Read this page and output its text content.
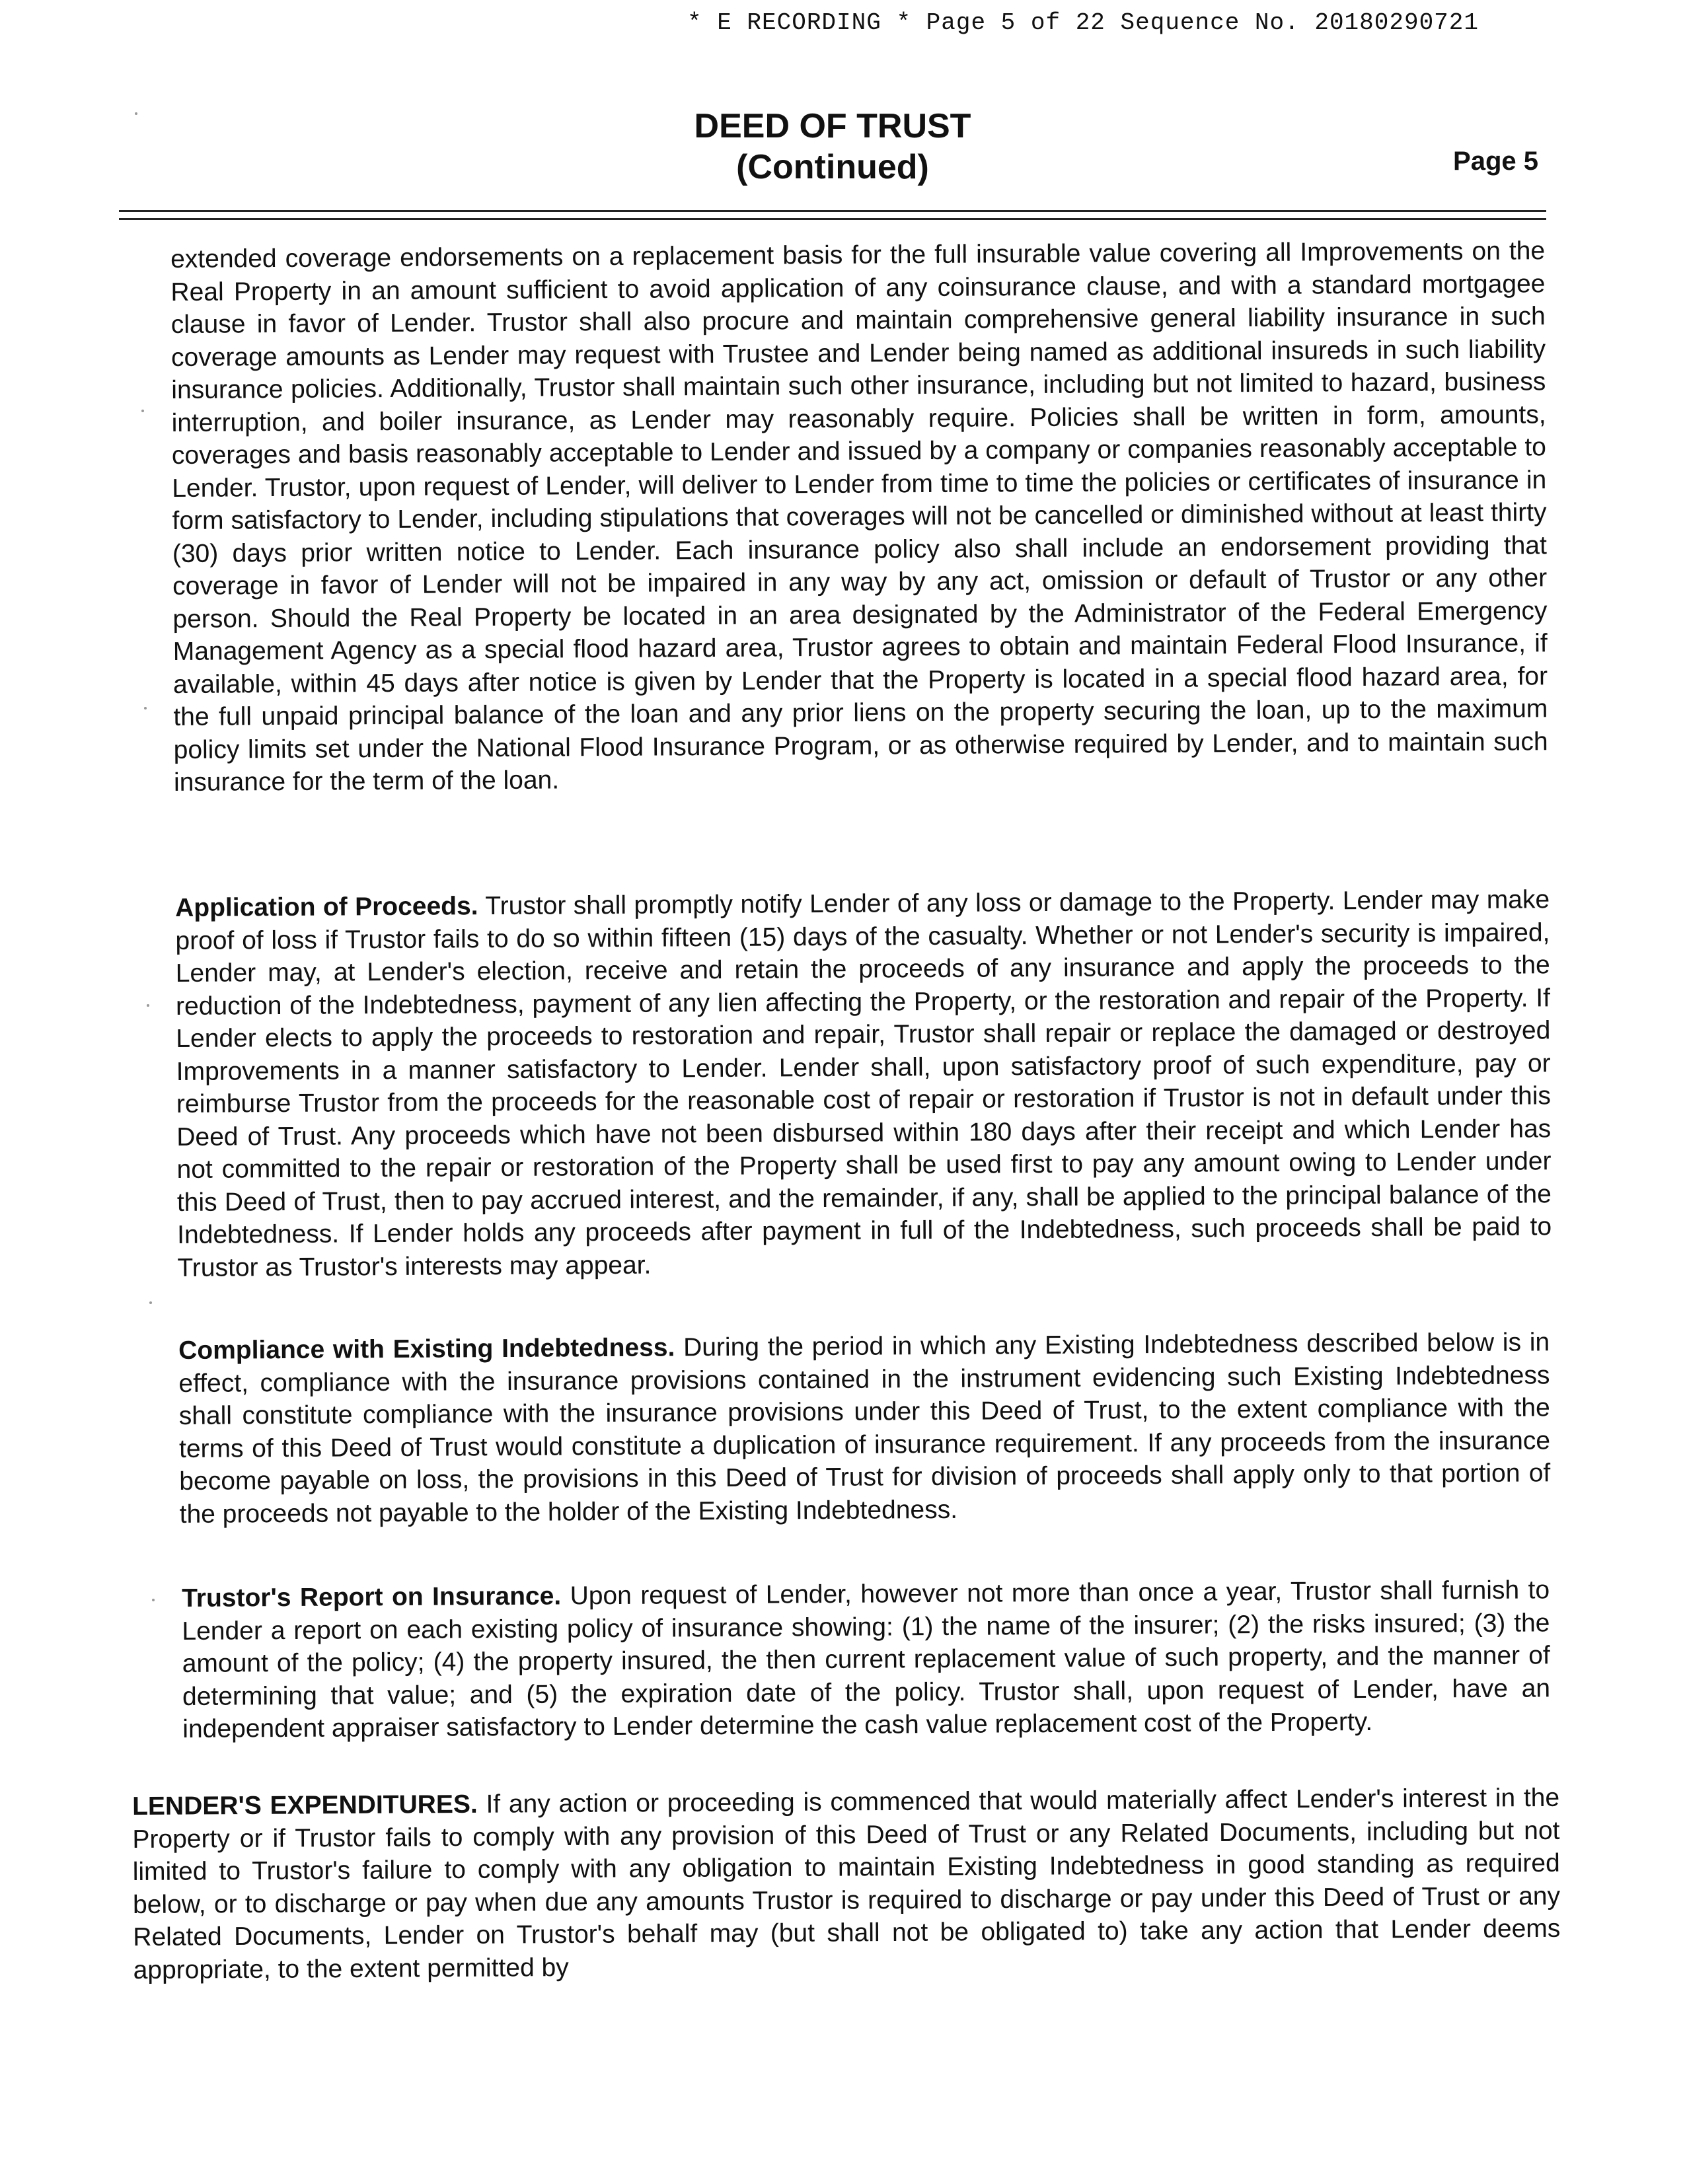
* E RECORDING * Page 5 of 22 Sequence No. 20180290721
DEED OF TRUST
(Continued)	Page 5
extended coverage endorsements on a replacement basis for the full insurable value covering all Improvements on the Real Property in an amount sufficient to avoid application of any coinsurance clause, and with a standard mortgagee clause in favor of Lender. Trustor shall also procure and maintain comprehensive general liability insurance in such coverage amounts as Lender may request with Trustee and Lender being named as additional insureds in such liability insurance policies. Additionally, Trustor shall maintain such other insurance, including but not limited to hazard, business interruption, and boiler insurance, as Lender may reasonably require. Policies shall be written in form, amounts, coverages and basis reasonably acceptable to Lender and issued by a company or companies reasonably acceptable to Lender. Trustor, upon request of Lender, will deliver to Lender from time to time the policies or certificates of insurance in form satisfactory to Lender, including stipulations that coverages will not be cancelled or diminished without at least thirty (30) days prior written notice to Lender. Each insurance policy also shall include an endorsement providing that coverage in favor of Lender will not be impaired in any way by any act, omission or default of Trustor or any other person. Should the Real Property be located in an area designated by the Administrator of the Federal Emergency Management Agency as a special flood hazard area, Trustor agrees to obtain and maintain Federal Flood Insurance, if available, within 45 days after notice is given by Lender that the Property is located in a special flood hazard area, for the full unpaid principal balance of the loan and any prior liens on the property securing the loan, up to the maximum policy limits set under the National Flood Insurance Program, or as otherwise required by Lender, and to maintain such insurance for the term of the loan.
Application of Proceeds. Trustor shall promptly notify Lender of any loss or damage to the Property. Lender may make proof of loss if Trustor fails to do so within fifteen (15) days of the casualty. Whether or not Lender's security is impaired, Lender may, at Lender's election, receive and retain the proceeds of any insurance and apply the proceeds to the reduction of the Indebtedness, payment of any lien affecting the Property, or the restoration and repair of the Property. If Lender elects to apply the proceeds to restoration and repair, Trustor shall repair or replace the damaged or destroyed Improvements in a manner satisfactory to Lender. Lender shall, upon satisfactory proof of such expenditure, pay or reimburse Trustor from the proceeds for the reasonable cost of repair or restoration if Trustor is not in default under this Deed of Trust. Any proceeds which have not been disbursed within 180 days after their receipt and which Lender has not committed to the repair or restoration of the Property shall be used first to pay any amount owing to Lender under this Deed of Trust, then to pay accrued interest, and the remainder, if any, shall be applied to the principal balance of the Indebtedness. If Lender holds any proceeds after payment in full of the Indebtedness, such proceeds shall be paid to Trustor as Trustor's interests may appear.
Compliance with Existing Indebtedness. During the period in which any Existing Indebtedness described below is in effect, compliance with the insurance provisions contained in the instrument evidencing such Existing Indebtedness shall constitute compliance with the insurance provisions under this Deed of Trust, to the extent compliance with the terms of this Deed of Trust would constitute a duplication of insurance requirement. If any proceeds from the insurance become payable on loss, the provisions in this Deed of Trust for division of proceeds shall apply only to that portion of the proceeds not payable to the holder of the Existing Indebtedness.
Trustor's Report on Insurance. Upon request of Lender, however not more than once a year, Trustor shall furnish to Lender a report on each existing policy of insurance showing: (1) the name of the insurer; (2) the risks insured; (3) the amount of the policy; (4) the property insured, the then current replacement value of such property, and the manner of determining that value; and (5) the expiration date of the policy. Trustor shall, upon request of Lender, have an independent appraiser satisfactory to Lender determine the cash value replacement cost of the Property.
LENDER'S EXPENDITURES. If any action or proceeding is commenced that would materially affect Lender's interest in the Property or if Trustor fails to comply with any provision of this Deed of Trust or any Related Documents, including but not limited to Trustor's failure to comply with any obligation to maintain Existing Indebtedness in good standing as required below, or to discharge or pay when due any amounts Trustor is required to discharge or pay under this Deed of Trust or any Related Documents, Lender on Trustor's behalf may (but shall not be obligated to) take any action that Lender deems appropriate, to the extent permitted by
